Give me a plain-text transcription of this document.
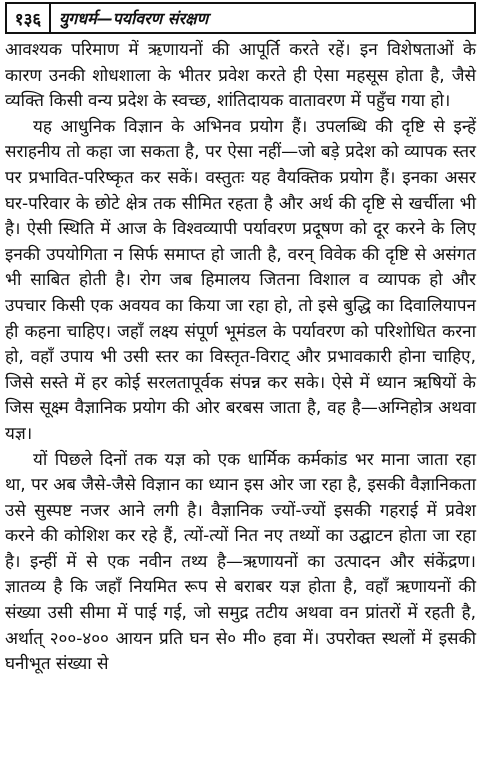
१३६	युगधर्म—पर्यावरण संरक्षण

आवश्यक परिमाण में ऋणायनों की आपूर्ति करते रहें। इन विशेषताओं के कारण उनकी शोधशाला के भीतर प्रवेश करते ही ऐसा महसूस होता है, जैसे व्यक्ति किसी वन्य प्रदेश के स्वच्छ, शांतिदायक वातावरण में पहुँच गया हो।

यह आधुनिक विज्ञान के अभिनव प्रयोग हैं। उपलब्धि की दृष्टि से इन्हें सराहनीय तो कहा जा सकता है, पर ऐसा नहीं—जो बड़े प्रदेश को व्यापक स्तर पर प्रभावित-परिष्कृत कर सकें। वस्तुतः यह वैयक्तिक प्रयोग हैं। इनका असर घर-परिवार के छोटे क्षेत्र तक सीमित रहता है और अर्थ की दृष्टि से खर्चीला भी है। ऐसी स्थिति में आज के विश्वव्यापी पर्यावरण प्रदूषण को दूर करने के लिए इनकी उपयोगिता न सिर्फ समाप्त हो जाती है, वरन् विवेक की दृष्टि से असंगत भी साबित होती है। रोग जब हिमालय जितना विशाल व व्यापक हो और उपचार किसी एक अवयव का किया जा रहा हो, तो इसे बुद्धि का दिवालियापन ही कहना चाहिए। जहाँ लक्ष्य संपूर्ण भूमंडल के पर्यावरण को परिशोधित करना हो, वहाँ उपाय भी उसी स्तर का विस्तृत-विराट् और प्रभावकारी होना चाहिए, जिसे सस्ते में हर कोई सरलतापूर्वक संपन्न कर सके। ऐसे में ध्यान ऋषियों के जिस सूक्ष्म वैज्ञानिक प्रयोग की ओर बरबस जाता है, वह है—अग्निहोत्र अथवा यज्ञ।

यों पिछले दिनों तक यज्ञ को एक धार्मिक कर्मकांड भर माना जाता रहा था, पर अब जैसे-जैसे विज्ञान का ध्यान इस ओर जा रहा है, इसकी वैज्ञानिकता उसे सुस्पष्ट नजर आने लगी है। वैज्ञानिक ज्यों-ज्यों इसकी गहराई में प्रवेश करने की कोशिश कर रहे हैं, त्यों-त्यों नित नए तथ्यों का उद्घाटन होता जा रहा है। इन्हीं में से एक नवीन तथ्य है—ऋणायनों का उत्पादन और संकेंद्रण। ज्ञातव्य है कि जहाँ नियमित रूप से बराबर यज्ञ होता है, वहाँ ऋणायनों की संख्या उसी सीमा में पाई गई, जो समुद्र तटीय अथवा वन प्रांतरों में रहती है, अर्थात् २००-४०० आयन प्रति घन से० मी० हवा में। उपरोक्त स्थलों में इसकी घनीभूत संख्या से
